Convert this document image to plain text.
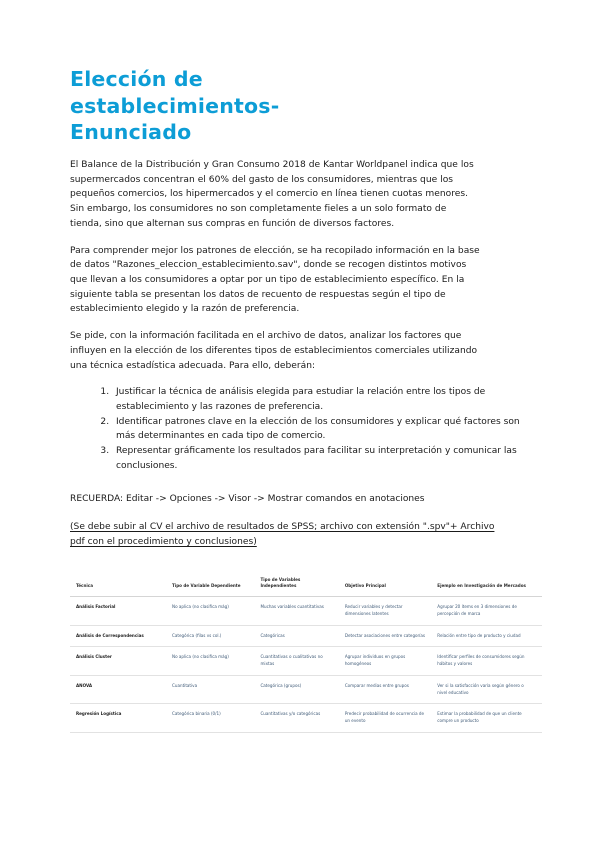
Elección de establecimientos-Enunciado

El Balance de la Distribución y Gran Consumo 2018 de Kantar Worldpanel indica que los supermercados concentran el 60% del gasto de los consumidores, mientras que los pequeños comercios, los hipermercados y el comercio en línea tienen cuotas menores. Sin embargo, los consumidores no son completamente fieles a un solo formato de tienda, sino que alternan sus compras en función de diversos factores.

Para comprender mejor los patrones de elección, se ha recopilado información en la base de datos "Razones_eleccion_establecimiento.sav", donde se recogen distintos motivos que llevan a los consumidores a optar por un tipo de establecimiento específico. En la siguiente tabla se presentan los datos de recuento de respuestas según el tipo de establecimiento elegido y la razón de preferencia.

Se pide, con la información facilitada en el archivo de datos, analizar los factores que influyen en la elección de los diferentes tipos de establecimientos comerciales utilizando una técnica estadística adecuada. Para ello, deberán:

1. Justificar la técnica de análisis elegida para estudiar la relación entre los tipos de establecimiento y las razones de preferencia.
2. Identificar patrones clave en la elección de los consumidores y explicar qué factores son más determinantes en cada tipo de comercio.
3. Representar gráficamente los resultados para facilitar su interpretación y comunicar las conclusiones.

RECUERDA: Editar -> Opciones -> Visor -> Mostrar comandos en anotaciones

(Se debe subir al CV el archivo de resultados de SPSS; archivo con extensión ".spv"+ Archivo pdf con el procedimiento y conclusiones)

Técnica	Tipo de Variable Dependiente	Tipo de Variables Independientes	Objetivo Principal	Ejemplo en Investigación de Mercados
Análisis Factorial	No aplica (no clasifica mág)	Muchas variables cuantitativas	Reducir variables y detectar dimensiones latentes	Agrupar 20 ítems en 3 dimensiones de percepción de marca
Análisis de Correspondencias	Categórica (filas vs col.)	Categóricas	Detectar asociaciones entre categorías	Relación entre tipo de producto y ciudad
Análisis Cluster	No aplica (no clasifica mág)	Cuantitativas o cualitativas no mixtas	Agrupar individuos en grupos homogéneos	Identificar perfiles de consumidores según hábitos y valores
ANOVA	Cuantitativa	Categórica (grupos)	Comparar medias entre grupos	Ver si la satisfacción varía según género o nivel educativo
Regresión Logística	Categórica binaria (0/1)	Cuantitativas y/o categóricas	Predecir probabilidad de ocurrencia de un evento	Estimar la probabilidad de que un cliente compre un producto
